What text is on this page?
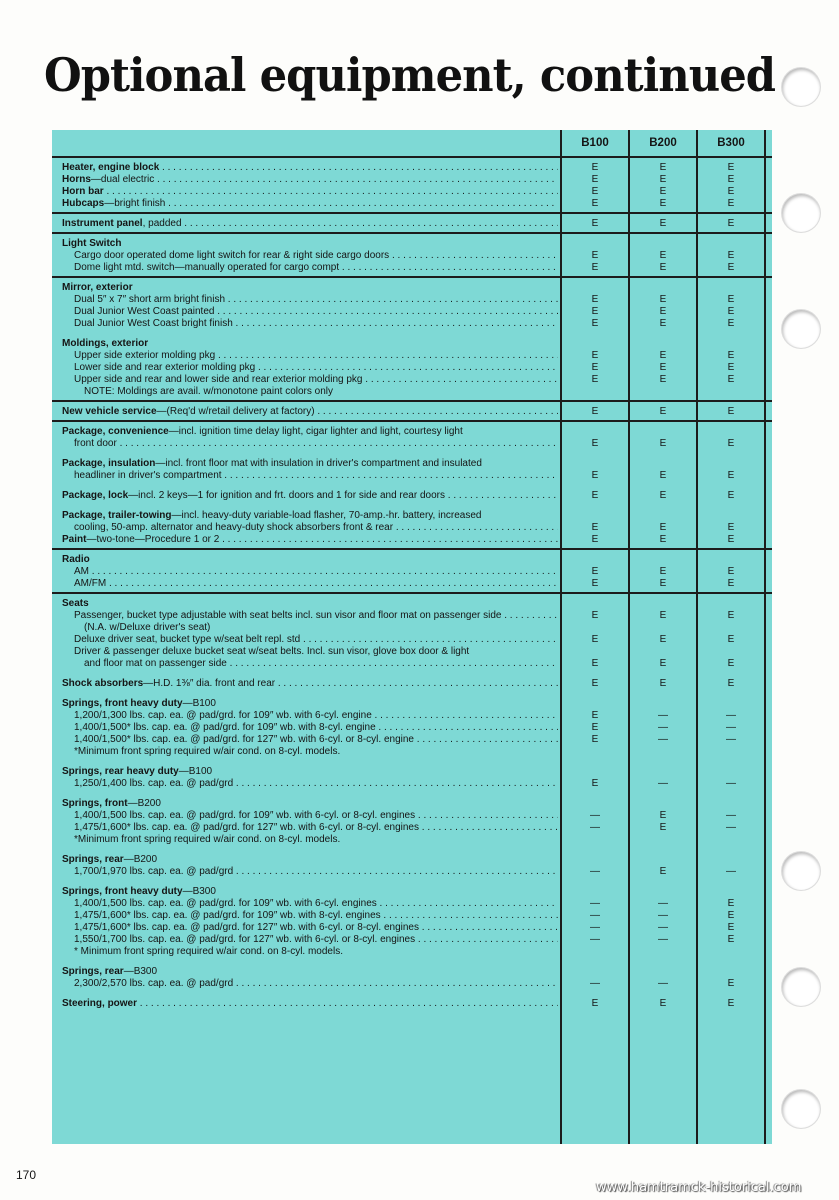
Optional equipment, continued
B100	B200	B300
Heater, engine block . . .	E	E	E
Horns—dual electric . . .	E	E	E
Horn bar . . .	E	E	E
Hubcaps—bright finish . . .	E	E	E
Instrument panel, padded . . .	E	E	E
Light Switch
Cargo door operated dome light switch for rear & right side cargo doors . . .	E	E	E
Dome light mtd. switch—manually operated for cargo compt . . .	E	E	E
Mirror, exterior
Dual 5″ x 7″ short arm bright finish . . .	E	E	E
Dual Junior West Coast painted . . .	E	E	E
Dual Junior West Coast bright finish . . .	E	E	E
Moldings, exterior
Upper side exterior molding pkg . . .	E	E	E
Lower side and rear exterior molding pkg . . .	E	E	E
Upper side and rear and lower side and rear exterior molding pkg . . .	E	E	E
NOTE: Moldings are avail. w/monotone paint colors only
New vehicle service—(Req'd w/retail delivery at factory) . . .	E	E	E
Package, convenience—incl. ignition time delay light, cigar lighter and light, courtesy light
front door . . .	E	E	E
Package, insulation—incl. front floor mat with insulation in driver's compartment and insulated
headliner in driver's compartment . . .	E	E	E
Package, lock—incl. 2 keys—1 for ignition and frt. doors and 1 for side and rear doors . . .	E	E	E
Package, trailer-towing—incl. heavy-duty variable-load flasher, 70-amp.-hr. battery, increased
cooling, 50-amp. alternator and heavy-duty shock absorbers front & rear . . .	E	E	E
Paint—two-tone—Procedure 1 or 2 . . .	E	E	E
Radio
AM . . .	E	E	E
AM/FM . . .	E	E	E
Seats
Passenger, bucket type adjustable with seat belts incl. sun visor and floor mat on passenger side . . .	E	E	E
(N.A. w/Deluxe driver's seat)
Deluxe driver seat, bucket type w/seat belt repl. std . . .	E	E	E
Driver & passenger deluxe bucket seat w/seat belts. Incl. sun visor, glove box door & light
and floor mat on passenger side . . .	E	E	E
Shock absorbers—H.D. 1⅜″ dia. front and rear . . .	E	E	E
Springs, front heavy duty—B100
1,200/1,300 lbs. cap. ea. @ pad/grd. for 109″ wb. with 6-cyl. engine . . .	E	—	—
1,400/1,500* lbs. cap. ea. @ pad/grd. for 109″ wb. with 8-cyl. engine . . .	E	—	—
1,400/1,500* lbs. cap. ea. @ pad/grd. for 127″ wb. with 6-cyl. or 8-cyl. engine . . .	E	—	—
*Minimum front spring required w/air cond. on 8-cyl. models.
Springs, rear heavy duty—B100
1,250/1,400 lbs. cap. ea. @ pad/grd . . .	E	—	—
Springs, front—B200
1,400/1,500 lbs. cap. ea. @ pad/grd. for 109″ wb. with 6-cyl. or 8-cyl. engines . . .	—	E	—
1,475/1,600* lbs. cap. ea. @ pad/grd. for 127″ wb. with 6-cyl. or 8-cyl. engines . . .	—	E	—
*Minimum front spring required w/air cond. on 8-cyl. models.
Springs, rear—B200
1,700/1,970 lbs. cap. ea. @ pad/grd . . .	—	E	—
Springs, front heavy duty—B300
1,400/1,500 lbs. cap. ea. @ pad/grd. for 109″ wb. with 6-cyl. engines . . .	—	—	E
1,475/1,600* lbs. cap. ea. @ pad/grd. for 109″ wb. with 8-cyl. engines . . .	—	—	E
1,475/1,600* lbs. cap. ea. @ pad/grd. for 127″ wb. with 6-cyl. or 8-cyl. engines . . .	—	—	E
1,550/1,700 lbs. cap. ea. @ pad/grd. for 127″ wb. with 6-cyl. or 8-cyl. engines . . .	—	—	E
* Minimum front spring required w/air cond. on 8-cyl. models.
Springs, rear—B300
2,300/2,570 lbs. cap. ea. @ pad/grd . . .	—	—	E
Steering, power . . .	E	E	E
170
www.hamtramck-historical.com
